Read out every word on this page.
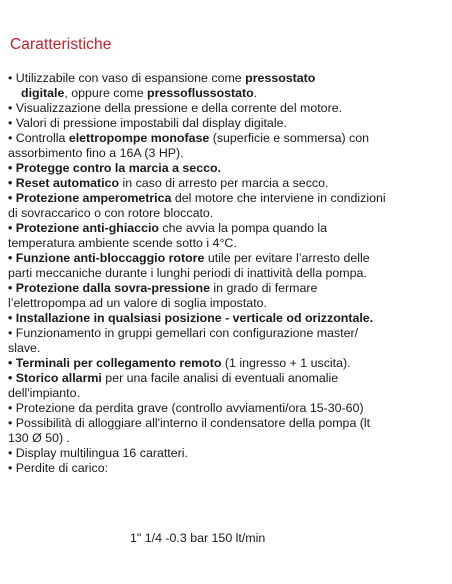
Caratteristiche
• Utilizzabile con vaso di espansione come pressostato
digitale, oppure come pressoflussostato.
• Visualizzazione della pressione e della corrente del motore.
• Valori di pressione impostabili dal display digitale.
• Controlla elettropompe monofase (superficie e sommersa) con
assorbimento fino a 16A (3 HP).
• Protegge contro la marcia a secco.
• Reset automatico in caso di arresto per marcia a secco.
• Protezione amperometrica del motore che interviene in condizioni
di sovraccarico o con rotore bloccato.
• Protezione anti-ghiaccio che avvia la pompa quando la
temperatura ambiente scende sotto i 4°C.
• Funzione anti-bloccaggio rotore utile per evitare l’arresto delle
parti meccaniche durante i lunghi periodi di inattività della pompa.
• Protezione dalla sovra-pressione in grado di fermare
l’elettropompa ad un valore di soglia impostato.
• Installazione in qualsiasi posizione - verticale od orizzontale.
• Funzionamento in gruppi gemellari con configurazione master/
slave.
• Terminali per collegamento remoto (1 ingresso + 1 uscita).
• Storico allarmi per una facile analisi di eventuali anomalie
dell'impianto.
• Protezione da perdita grave (controllo avviamenti/ora 15-30-60)
• Possibilità di alloggiare all'interno il condensatore della pompa (lt
130 Ø 50) .
• Display multilingua 16 caratteri.
• Perdite di carico:
1" 1/4 -0.3 bar 150 lt/min
